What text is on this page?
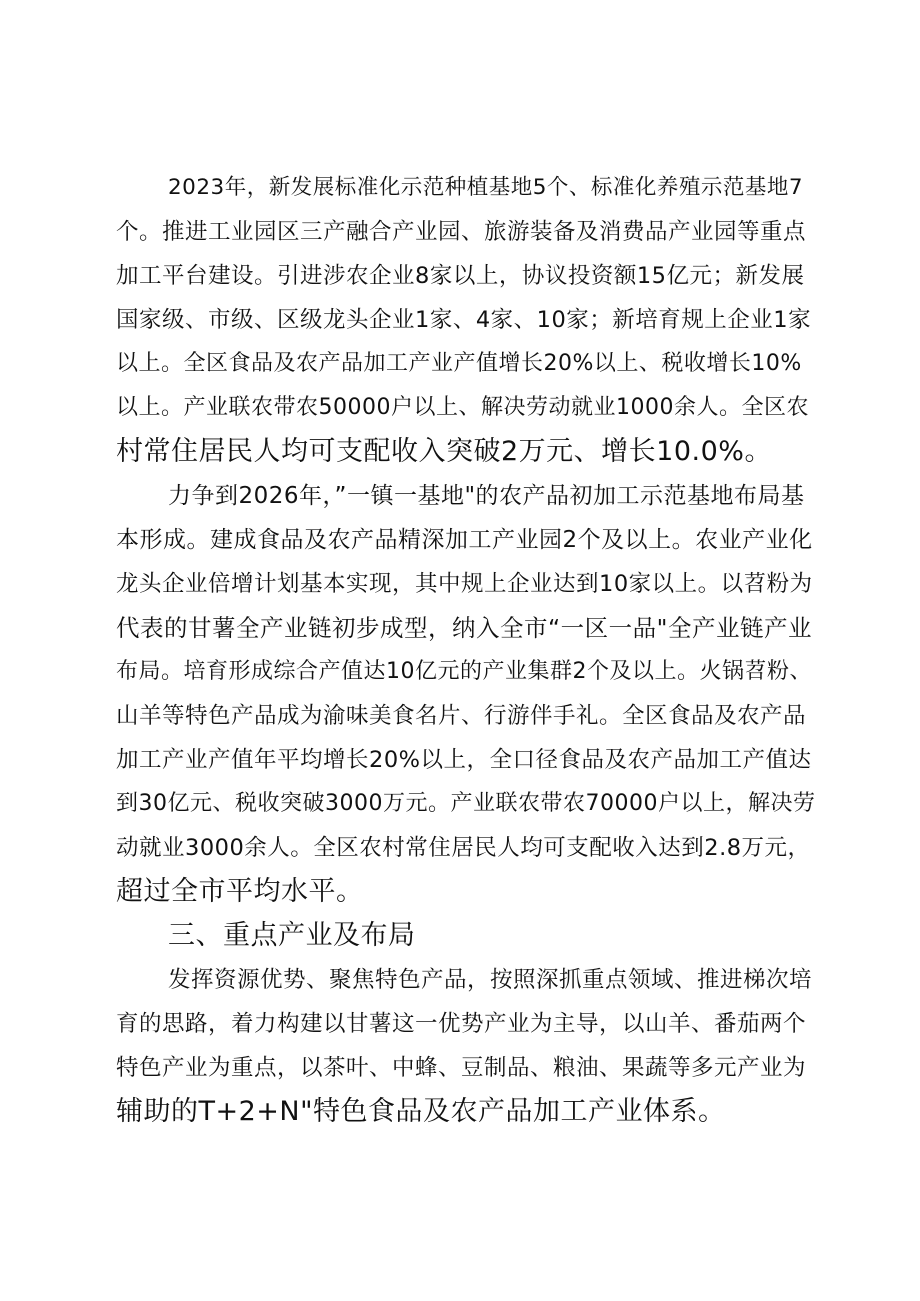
2023年，新发展标准化示范种植基地5个、标准化养殖示范基地7
个。推进工业园区三产融合产业园、旅游装备及消费品产业园等重点
加工平台建设。引进涉农企业8家以上，协议投资额15亿元；新发展
国家级、市级、区级龙头企业1家、4家、10家；新培育规上企业1家
以上。全区食品及农产品加工产业产值增长20%以上、税收增长10%
以上。产业联农带农50000户以上、解决劳动就业1000余人。全区农
村常住居民人均可支配收入突破2万元、增长10.0%。
力争到2026年，”一镇一基地"的农产品初加工示范基地布局基
本形成。建成食品及农产品精深加工产业园2个及以上。农业产业化
龙头企业倍增计划基本实现，其中规上企业达到10家以上。以苕粉为
代表的甘薯全产业链初步成型，纳入全市“一区一品"全产业链产业
布局。培育形成综合产值达10亿元的产业集群2个及以上。火锅苕粉、
山羊等特色产品成为渝味美食名片、行游伴手礼。全区食品及农产品
加工产业产值年平均增长20%以上，全口径食品及农产品加工产值达
到30亿元、税收突破3000万元。产业联农带农70000户以上，解决劳
动就业3000余人。全区农村常住居民人均可支配收入达到2.8万元，
超过全市平均水平。
三、重点产业及布局
发挥资源优势、聚焦特色产品，按照深抓重点领域、推进梯次培
育的思路，着力构建以甘薯这一优势产业为主导，以山羊、番茄两个
特色产业为重点，以茶叶、中蜂、豆制品、粮油、果蔬等多元产业为
辅助的T+2+N"特色食品及农产品加工产业体系。
